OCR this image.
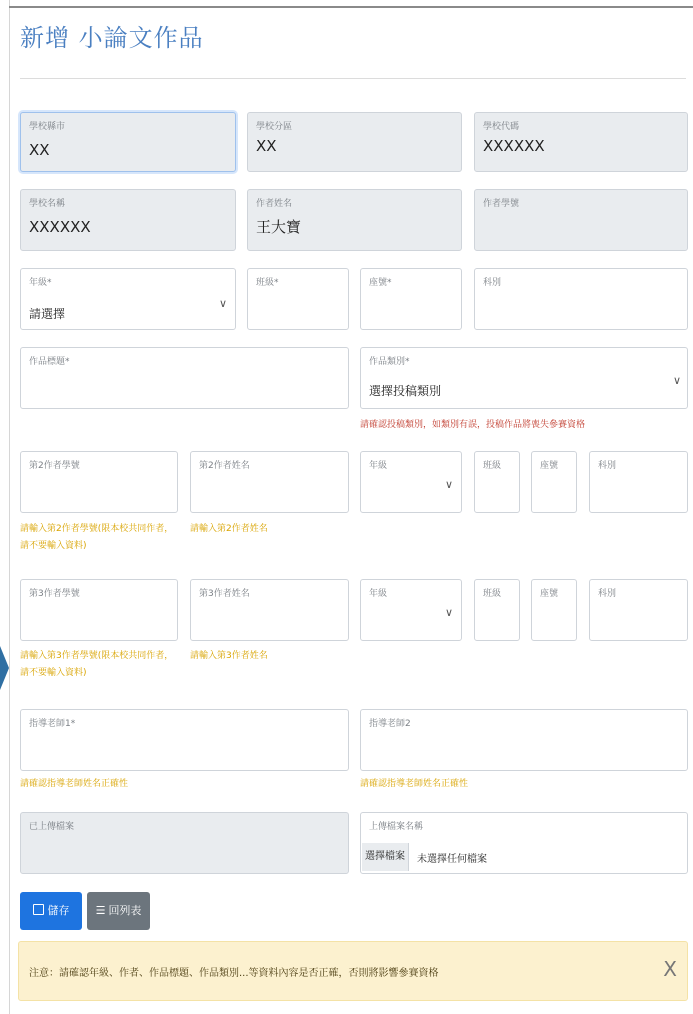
新增 小論文作品
學校縣市
XX
學校分區
XX
學校代碼
XXXXXX
學校名稱
XXXXXX
作者姓名
王大寶
作者學號
年級*
請選擇
∨
班級*	座號*	科別
作品標題*	作品類別*
選擇投稿類別
∨
請確認投稿類別，如類別有誤，投稿作品將喪失參賽資格
第2作者學號	第2作者姓名	年級
∨
班級	座號	科別
請輸入第2作者學號(限本校共同作者，請不要輸入資料)
請輸入第2作者姓名
第3作者學號	第3作者姓名	年級
∨
班級	座號	科別
請輸入第3作者學號(限本校共同作者，請不要輸入資料)
請輸入第3作者姓名
指導老師1*	指導老師2
請確認指導老師姓名正確性	請確認指導老師姓名正確性
已上傳檔案	上傳檔案名稱
選擇檔案	未選擇任何檔案
儲存	☰ 回列表
注意：請確認年級、作者、作品標題、作品類別...等資料內容是否正確，否則將影響參賽資格	X
